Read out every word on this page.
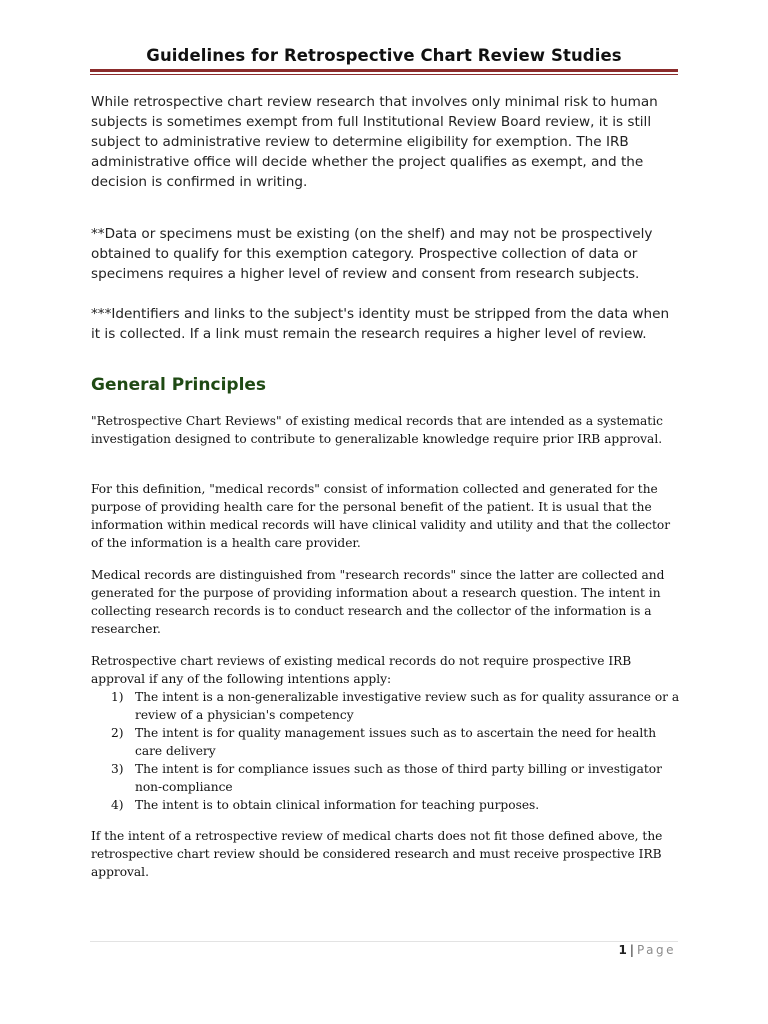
Guidelines for Retrospective Chart Review Studies
While retrospective chart review research that involves only minimal risk to human subjects is sometimes exempt from full Institutional Review Board review, it is still subject to administrative review to determine eligibility for exemption. The IRB administrative office will decide whether the project qualifies as exempt, and the decision is confirmed in writing.
**Data or specimens must be existing (on the shelf) and may not be prospectively obtained to qualify for this exemption category. Prospective collection of data or specimens requires a higher level of review and consent from research subjects.
***Identifiers and links to the subject's identity must be stripped from the data when it is collected. If a link must remain the research requires a higher level of review.
General Principles
"Retrospective Chart Reviews" of existing medical records that are intended as a systematic investigation designed to contribute to generalizable knowledge require prior IRB approval.
For this definition, "medical records" consist of information collected and generated for the purpose of providing health care for the personal benefit of the patient. It is usual that the information within medical records will have clinical validity and utility and that the collector of the information is a health care provider.
Medical records are distinguished from "research records" since the latter are collected and generated for the purpose of providing information about a research question. The intent in collecting research records is to conduct research and the collector of the information is a researcher.
Retrospective chart reviews of existing medical records do not require prospective IRB approval if any of the following intentions apply:
1) The intent is a non-generalizable investigative review such as for quality assurance or a review of a physician's competency
2) The intent is for quality management issues such as to ascertain the need for health care delivery
3) The intent is for compliance issues such as those of third party billing or investigator non-compliance
4) The intent is to obtain clinical information for teaching purposes.
If the intent of a retrospective review of medical charts does not fit those defined above, the retrospective chart review should be considered research and must receive prospective IRB approval.
1 | Page
